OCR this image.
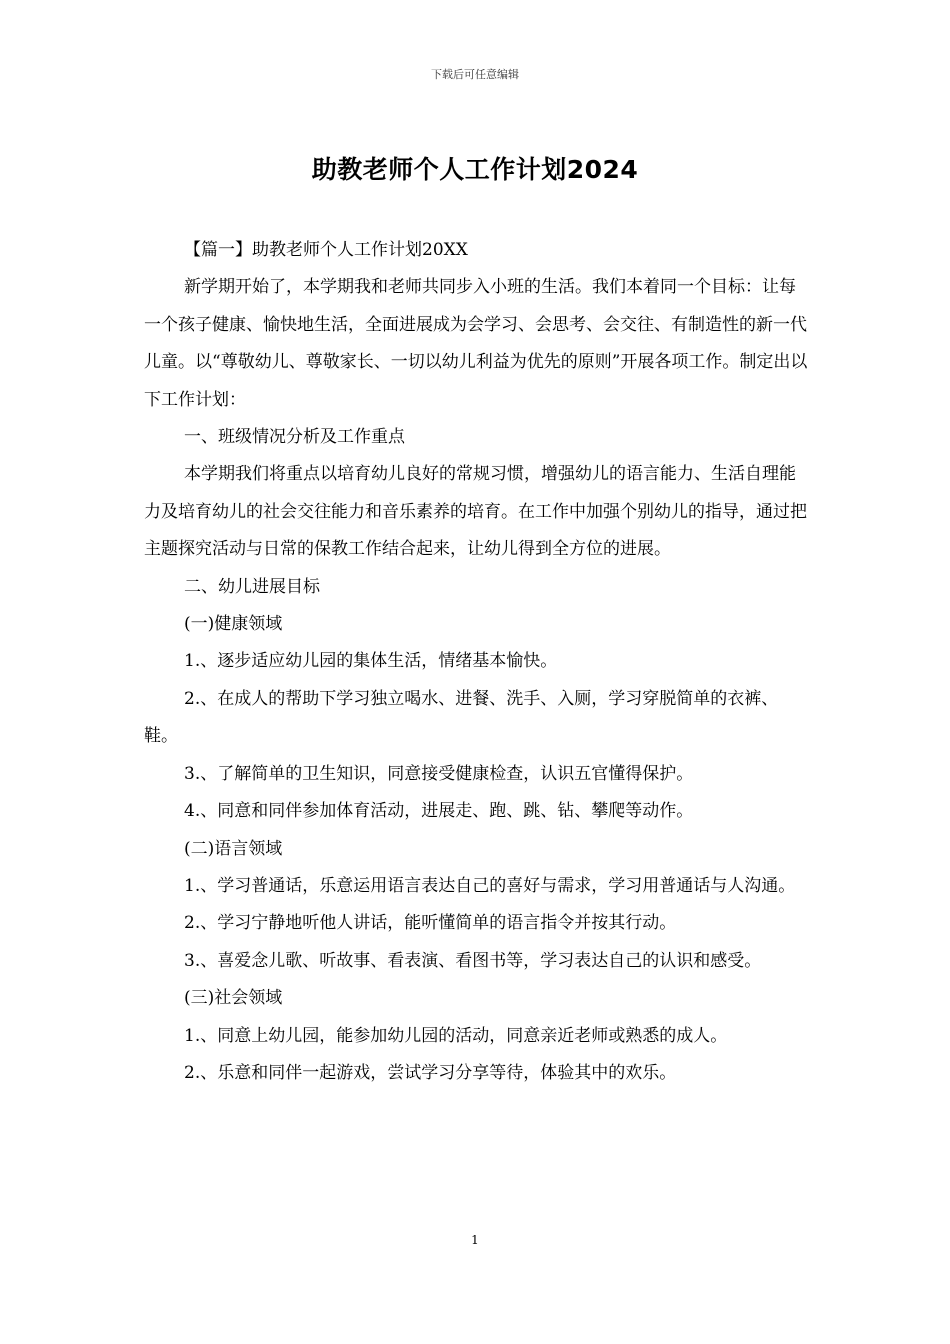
下载后可任意编辑
助教老师个人工作计划2024

【篇一】助教老师个人工作计划20XX

新学期开始了，本学期我和老师共同步入小班的生活。我们本着同一个目标：让每一个孩子健康、愉快地生活，全面进展成为会学习、会思考、会交往、有制造性的新一代儿童。以“尊敬幼儿、尊敬家长、一切以幼儿利益为优先的原则”开展各项工作。制定出以下工作计划：

一、班级情况分析及工作重点

本学期我们将重点以培育幼儿良好的常规习惯，增强幼儿的语言能力、生活自理能力及培育幼儿的社会交往能力和音乐素养的培育。在工作中加强个别幼儿的指导，通过把主题探究活动与日常的保教工作结合起来，让幼儿得到全方位的进展。

二、幼儿进展目标

(一)健康领域

1.、逐步适应幼儿园的集体生活，情绪基本愉快。

2.、在成人的帮助下学习独立喝水、进餐、洗手、入厕，学习穿脱简单的衣裤、鞋。

3.、了解简单的卫生知识，同意接受健康检查，认识五官懂得保护。

4.、同意和同伴参加体育活动，进展走、跑、跳、钻、攀爬等动作。

(二)语言领域

1.、学习普通话，乐意运用语言表达自己的喜好与需求，学习用普通话与人沟通。

2.、学习宁静地听他人讲话，能听懂简单的语言指令并按其行动。

3.、喜爱念儿歌、听故事、看表演、看图书等，学习表达自己的认识和感受。

(三)社会领域

1.、同意上幼儿园，能参加幼儿园的活动，同意亲近老师或熟悉的成人。

2.、乐意和同伴一起游戏，尝试学习分享等待，体验其中的欢乐。

1
